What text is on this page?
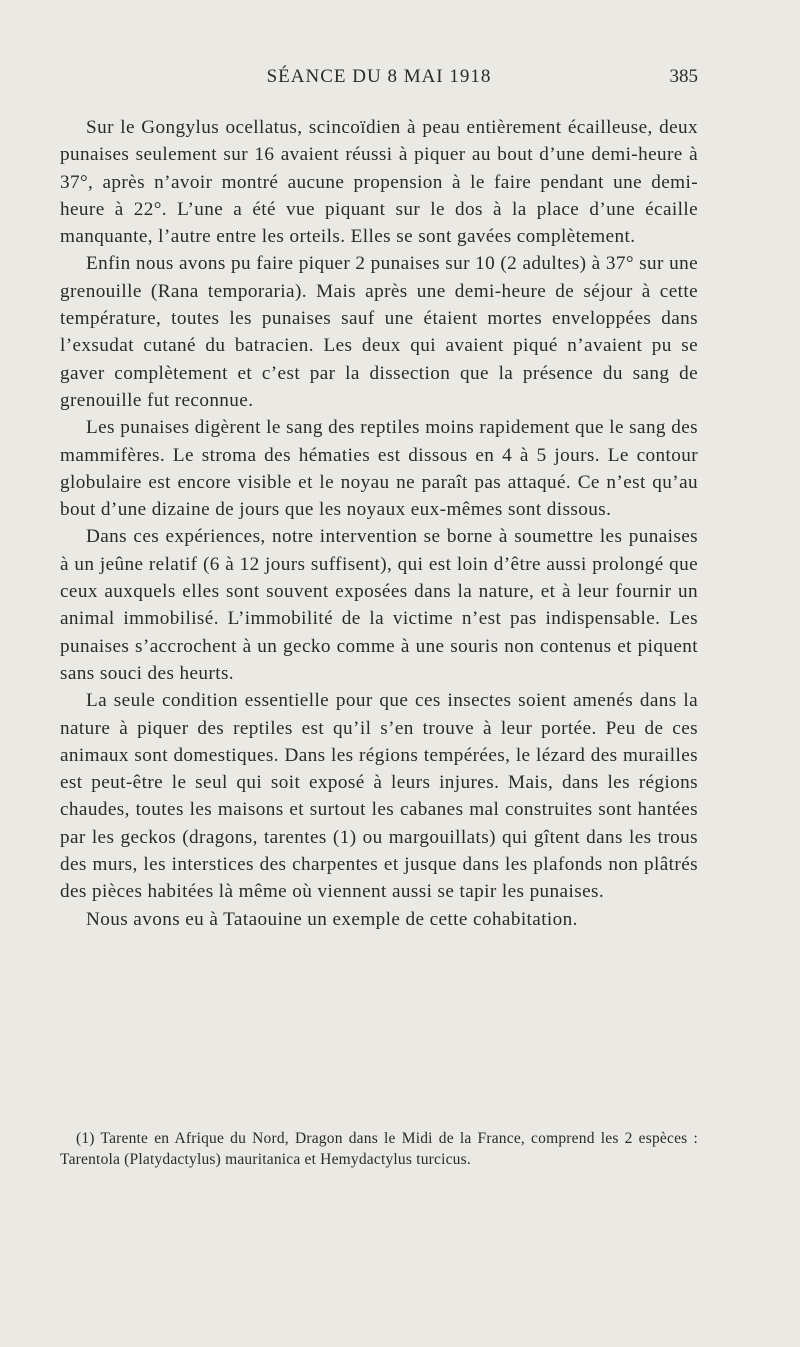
SÉANCE DU 8 MAI 1918	385

Sur le Gongylus ocellatus, scincoïdien à peau entièrement écailleuse, deux punaises seulement sur 16 avaient réussi à piquer au bout d’une demi-heure à 37°, après n’avoir montré aucune propension à le faire pendant une demi-heure à 22°. L’une a été vue piquant sur le dos à la place d’une écaille manquante, l’autre entre les orteils. Elles se sont gavées complètement.

Enfin nous avons pu faire piquer 2 punaises sur 10 (2 adultes) à 37° sur une grenouille (Rana temporaria). Mais après une demi-heure de séjour à cette température, toutes les punaises sauf une étaient mortes enveloppées dans l’exsudat cutané du batracien. Les deux qui avaient piqué n’avaient pu se gaver complètement et c’est par la dissection que la présence du sang de grenouille fut reconnue.

Les punaises digèrent le sang des reptiles moins rapidement que le sang des mammifères. Le stroma des hématies est dissous en 4 à 5 jours. Le contour globulaire est encore visible et le noyau ne paraît pas attaqué. Ce n’est qu’au bout d’une dizaine de jours que les noyaux eux-mêmes sont dissous.

Dans ces expériences, notre intervention se borne à soumettre les punaises à un jeûne relatif (6 à 12 jours suffisent), qui est loin d’être aussi prolongé que ceux auxquels elles sont souvent exposées dans la nature, et à leur fournir un animal immobilisé. L’immobilité de la victime n’est pas indispensable. Les punaises s’accrochent à un gecko comme à une souris non contenus et piquent sans souci des heurts.

La seule condition essentielle pour que ces insectes soient amenés dans la nature à piquer des reptiles est qu’il s’en trouve à leur portée. Peu de ces animaux sont domestiques. Dans les régions tempérées, le lézard des murailles est peut-être le seul qui soit exposé à leurs injures. Mais, dans les régions chaudes, toutes les maisons et surtout les cabanes mal construites sont hantées par les geckos (dragons, tarentes (1) ou margouillats) qui gîtent dans les trous des murs, les interstices des charpentes et jusque dans les plafonds non plâtrés des pièces habitées là même où viennent aussi se tapir les punaises.

Nous avons eu à Tataouine un exemple de cette cohabitation.

(1) Tarente en Afrique du Nord, Dragon dans le Midi de la France, comprend les 2 espèces : Tarentola (Platydactylus) mauritanica et Hemydactylus turcicus.
